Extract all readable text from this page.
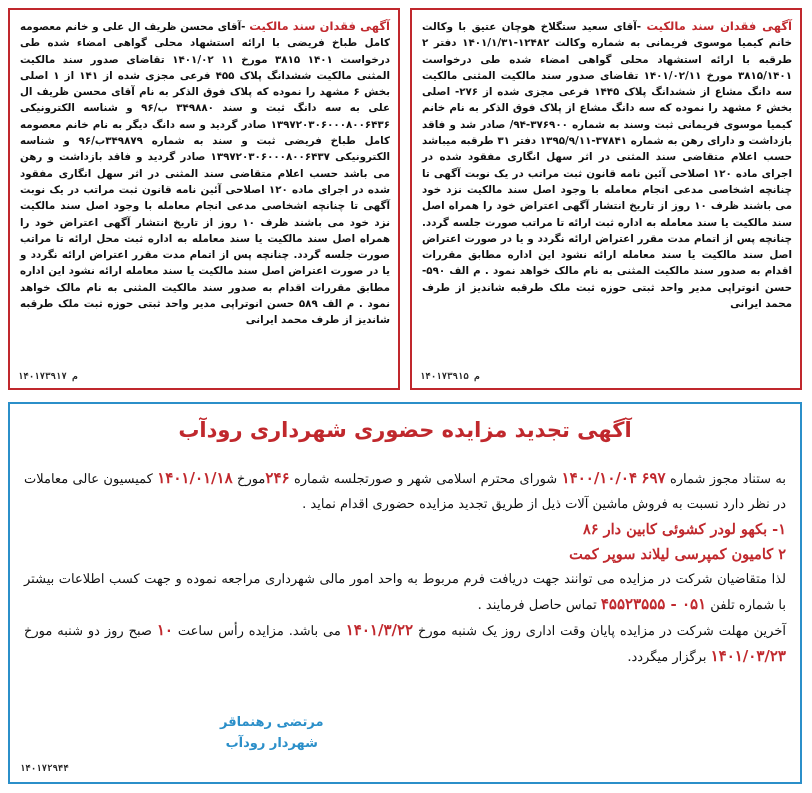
آگهی فقدان سند مالکیت -آقای سعید ستگلاخ هوچان عتیق با وکالت خانم کیمیا موسوی فریمانی به شماره وکالت ۱۲۴۸۲-۱۴۰۱/۱/۳۱ دفتر ۲ طرقبه با ارائه استشهاد محلی گواهی امضاء شده طی درخواست ۳۸۱۵/۱۴۰۱ مورخ ۱۴۰۱/۰۲/۱۱ تقاضای صدور سند مالکیت المثنی مالکیت سه دانگ مشاع از ششدانگ پلاک ۱۴۴۵ فرعی مجزی شده از ۲۷۶- اصلی بخش ۶ مشهد را نموده که سه دانگ مشاع از پلاک فوق الذکر به نام خانم کیمیا موسوی فریمانی ثبت وسند به شماره ۳۷۶۹۰۰-۹۴/ صادر شد و فاقد بازداشت و دارای رهن به شماره ۳۷۸۴۱-۱۳۹۵/۹/۱۱ دفتر ۳۱ طرقبه میباشد حسب اعلام متقاضی سند المثنی در اثر سهل انگاری مفقود شده در اجرای ماده ۱۲۰ اصلاحی آئین نامه قانون ثبت مراتب در یک نوبت آگهی تا چنانچه اشخاصی مدعی انجام معامله با وجود اصل سند مالکیت نزد خود می باشند ظرف ۱۰ روز از تاریخ انتشار آگهی اعتراض خود را همراه اصل سند مالکیت یا سند معامله به اداره ثبت ارائه تا مراتب صورت جلسه گردد. چنانچه پس از اتمام مدت مقرر اعتراض ارائه نگردد و یا در صورت اعتراض اصل سند مالکیت یا سند معامله ارائه نشود این اداره مطابق مقررات اقدام به صدور سند مالکیت المثنی به نام مالک خواهد نمود . م الف ۵۹۰- حسن انوتراپی مدیر واحد ثبتی حوزه ثبت ملک طرقبه شاندیز از طرف محمد ایرانی
۱۴۰۱۷۳۹۱۵ م
آگهی فقدان سند مالکیت -آقای محسن ظریف ال علی و خانم معصومه کامل طباخ فریضی با ارائه استشهاد محلی گواهی امضاء شده طی درخواست ۱۴۰۱ ۳۸۱۵ مورخ ۱۱ ۱۴۰۱/۰۲ تقاضای صدور سند مالکیت المثنی مالکیت ششدانگ پلاک ۴۵۵ فرعی مجزی شده از ۱۴۱ از ۱ اصلی بخش ۶ مشهد را نموده که پلاک فوق الذکر به نام آقای محسن ظریف ال علی به سه دانگ ثبت و سند ۳۴۹۸۸۰ ب/۹۶ و شناسه الکترونیکی ۱۳۹۷۲۰۳۰۶۰۰۰۸۰۰۶۴۳۶ صادر گردید و سه دانگ دیگر به نام خانم معصومه کامل طباخ فریضی ثبت و سند به شماره ۳۴۹۸۷۹ب/۹۶ و شناسه الکترونیکی ۱۳۹۷۲۰۳۰۶۰۰۰۸۰۰۶۴۳۷ صادر گردید و فاقد بازداشت و رهن می باشد حسب اعلام متقاضی سند المثنی در اثر سهل انگاری مفقود شده در اجرای ماده ۱۲۰ اصلاحی آئین نامه قانون ثبت مراتب در یک نوبت آگهی تا چنانچه اشخاصی مدعی انجام معامله با وجود اصل سند مالکیت نزد خود می باشند ظرف ۱۰ روز از تاریخ انتشار آگهی اعتراض خود را همراه اصل سند مالکیت یا سند معامله به اداره ثبت محل ارائه تا مراتب صورت جلسه گردد. چنانچه پس از اتمام مدت مقرر اعتراض ارائه نگردد و یا در صورت اعتراض اصل سند مالکیت یا سند معامله ارائه نشود این اداره مطابق مقررات اقدام به صدور سند مالکیت المثنی به نام مالک خواهد نمود . م الف ۵۸۹ حسن انوتراپی مدیر واحد ثبتی حوزه ثبت ملک طرقبه شاندیز از طرف محمد ایرانی
۱۴۰۱۷۳۹۱۷ م
آگهی تجدید مزایده حضوری شهرداری رودآب
به ستناد مجوز شماره ۶۹۷ ۱۴۰۰/۱۰/۰۴ شورای محترم اسلامی شهر و صورتجلسه شماره ۲۴۶مورخ ۱۴۰۱/۰۱/۱۸ کمیسیون عالی معاملات در نظر دارد نسبت به فروش ماشین آلات ذیل از طریق تجدید مزایده حضوری اقدام نماید .
۱- بکهو لودر کشوئی کابین دار ۸۶
۲ کامیون کمپرسی لیلاند سوپر کمت
لذا متقاضیان شرکت در مزایده می توانند جهت دریافت فرم مربوط به واحد امور مالی شهرداری مراجعه نموده و جهت کسب اطلاعات بیشتر با شماره تلفن ۰۵۱ - ۴۵۵۲۳۵۵۵ تماس حاصل فرمایند .
آخرین مهلت شرکت در مزایده پایان وقت اداری روز یک شنبه مورخ ۱۴۰۱/۳/۲۲ می باشد. مزایده رأس ساعت ۱۰ صبح روز دو شنبه مورخ ۱۴۰۱/۰۳/۲۳ برگزار میگردد.
مرتضی رهنماقر
شهردار رودآب
۱۴۰۱۷۲۹۴۴
